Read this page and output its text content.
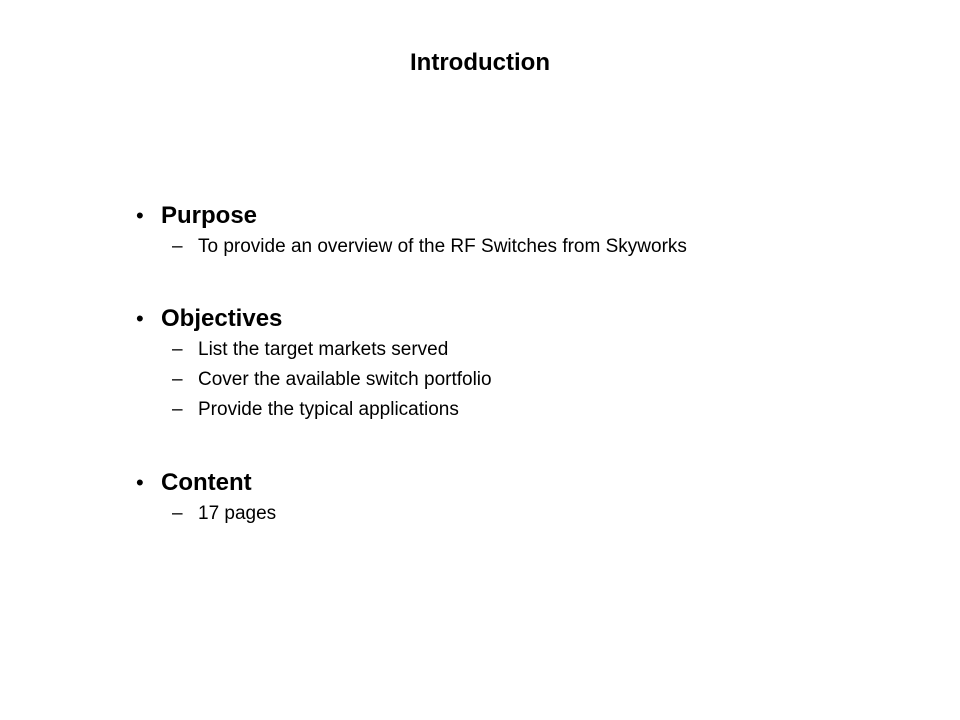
Introduction
• Purpose
– To provide an overview of the RF Switches from Skyworks
• Objectives
– List the target markets served
– Cover the available switch portfolio
– Provide the typical applications
• Content
– 17 pages
